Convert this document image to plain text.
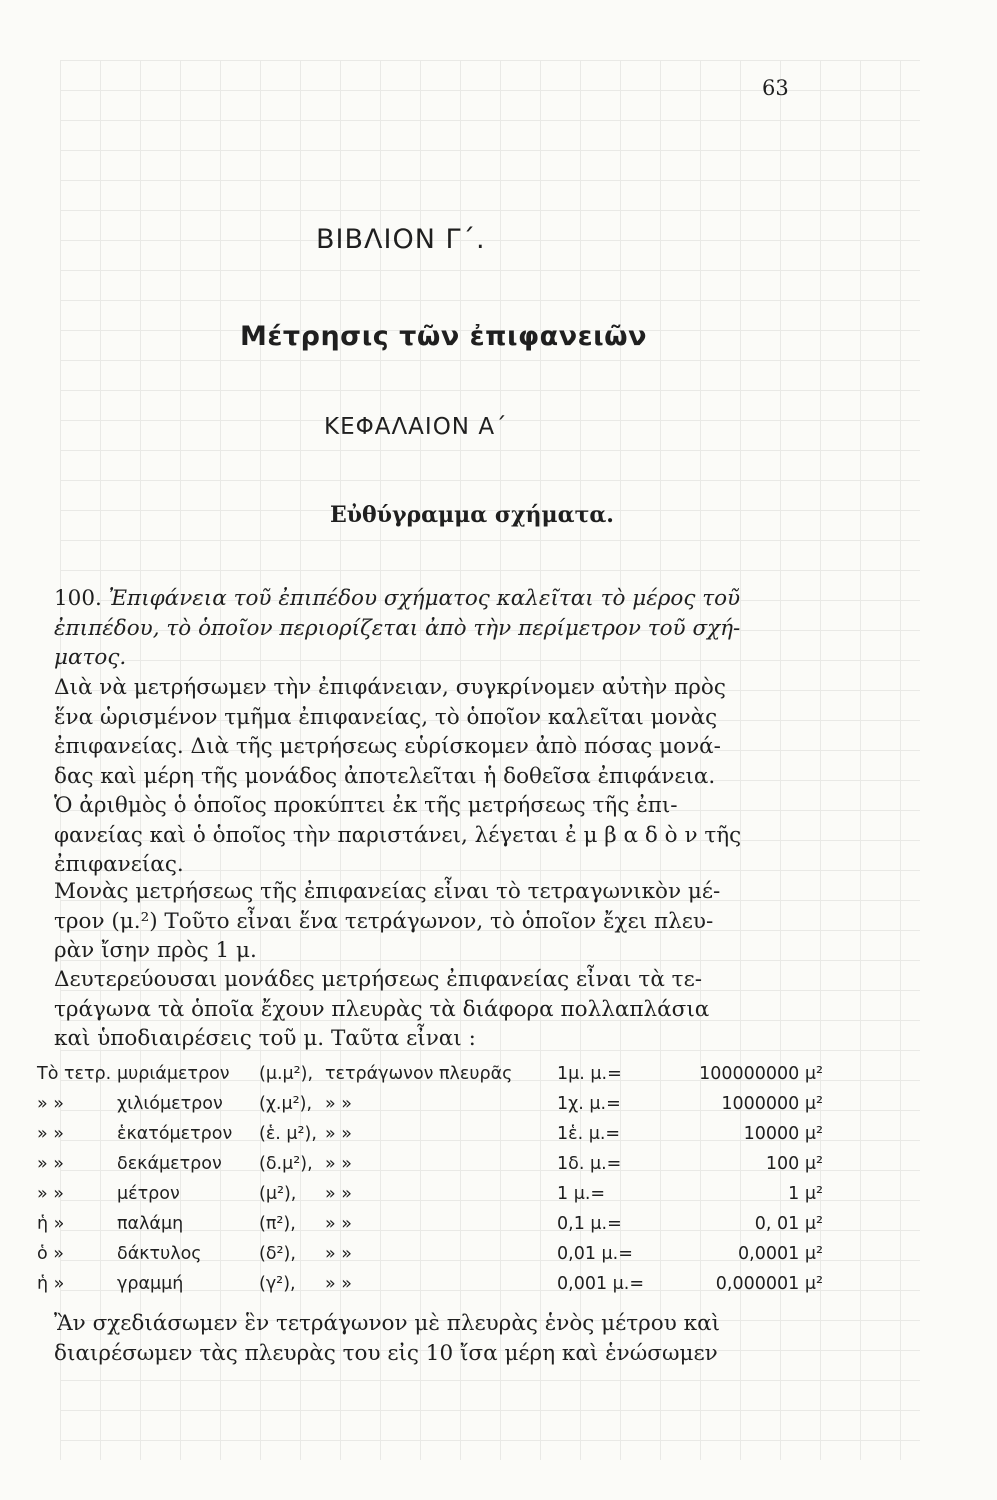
63
ΒΙΒΛΙΟΝ Γ΄.
Μέτρησις τῶν ἐπιφανειῶν
ΚΕΦΑΛΑΙΟΝ Α΄
Εὐθύγραμμα σχήματα.
100. Ἐπιφάνεια τοῦ ἐπιπέδου σχήματος καλεῖται τὸ μέρος τοῦ
ἐπιπέδου, τὸ ὁποῖον περιορίζεται ἀπὸ τὴν περίμετρον τοῦ σχή-
ματος.
Διὰ νὰ μετρήσωμεν τὴν ἐπιφάνειαν, συγκρίνομεν αὐτὴν πρὸς
ἕνα ὡρισμένον τμῆμα ἐπιφανείας, τὸ ὁποῖον καλεῖται μονὰς
ἐπιφανείας. Διὰ τῆς μετρήσεως εὑρίσκομεν ἀπὸ πόσας μονά-
δας καὶ μέρη τῆς μονάδος ἀποτελεῖται ἡ δοθεῖσα ἐπιφάνεια.
Ὁ ἀριθμὸς ὁ ὁποῖος προκύπτει ἐκ τῆς μετρήσεως τῆς ἐπι-
φανείας καὶ ὁ ὁποῖος τὴν παριστάνει, λέγεται ἐ μ β α δ ὸ ν τῆς
ἐπιφανείας.
Μονὰς μετρήσεως τῆς ἐπιφανείας εἶναι τὸ τετραγωνικὸν μέ-
τρον (μ.²) Τοῦτο εἶναι ἕνα τετράγωνον, τὸ ὁποῖον ἔχει πλευ-
ρὰν ἴσην πρὸς 1 μ.
Δευτερεύουσαι μονάδες μετρήσεως ἐπιφανείας εἶναι τὰ τε-
τράγωνα τὰ ὁποῖα ἔχουν πλευρὰς τὰ διάφορα πολλαπλάσια
καὶ ὑποδιαιρέσεις τοῦ μ. Ταῦτα εἶναι :
Τὸ τετρ. μυριάμετρον (μ.μ²), τετράγωνον πλευρᾶς	1μ. μ.=	100000000 μ²
» »	χιλιόμετρον (χ.μ²), » »	1χ. μ.=	1000000 μ²
» »	ἑκατόμετρον (ἑ. μ²), » »	1ἑ. μ.=	10000 μ²
» »	δεκάμετρον (δ.μ²), » »	1δ. μ.=	100 μ²
» »	μέτρον	(μ²), » »	1 μ.=	1 μ²
ἡ »	παλάμη	(π²), » »	0,1 μ.=	0, 01 μ²
ὁ »	δάκτυλος	(δ²), » »	0,01 μ.=	0,0001 μ²
ἡ »	γραμμή	(γ²), » »	0,001 μ.=	0,000001 μ²
Ἂν σχεδιάσωμεν ἓν τετράγωνον μὲ πλευρὰς ἑνὸς μέτρου καὶ
διαιρέσωμεν τὰς πλευρὰς του εἰς 10 ἴσα μέρη καὶ ἑνώσωμεν
